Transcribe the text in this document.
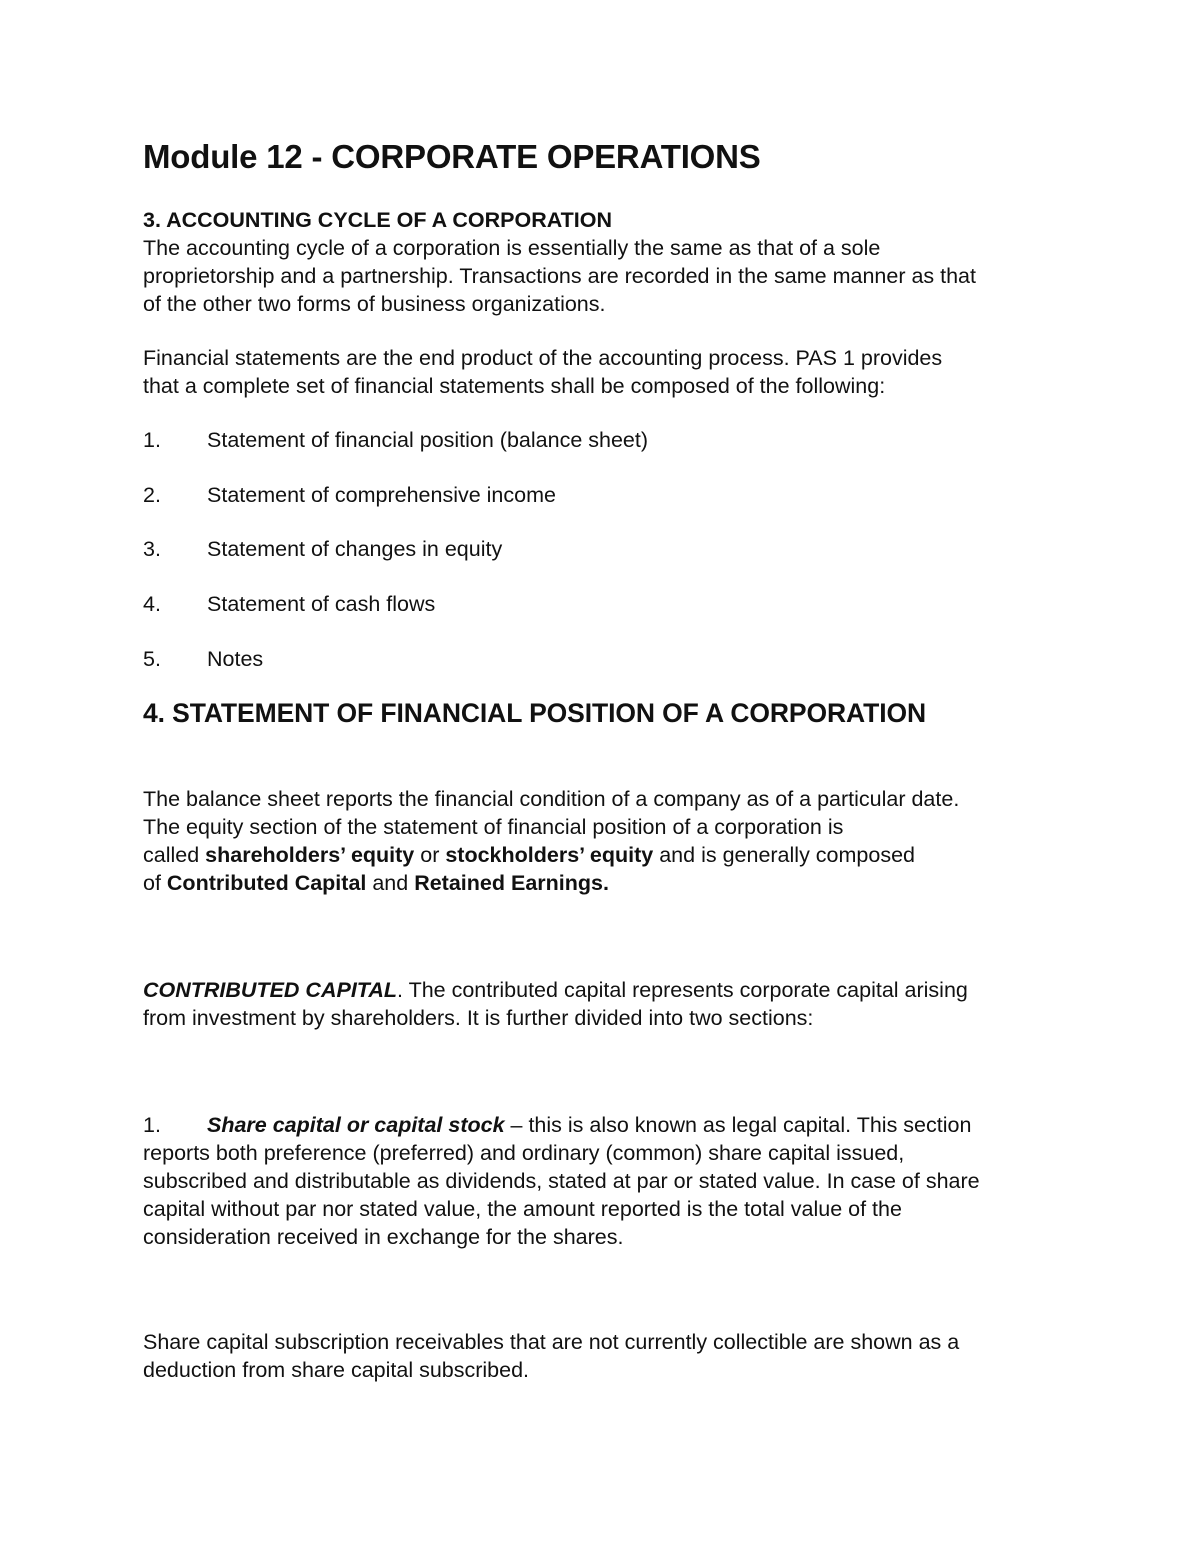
Module 12 - CORPORATE OPERATIONS
3. ACCOUNTING CYCLE OF A CORPORATION
The accounting cycle of a corporation is essentially the same as that of a sole
proprietorship and a partnership. Transactions are recorded in the same manner as that
of the other two forms of business organizations.
Financial statements are the end product of the accounting process. PAS 1 provides
that a complete set of financial statements shall be composed of the following:
1. Statement of financial position (balance sheet)
2. Statement of comprehensive income
3. Statement of changes in equity
4. Statement of cash flows
5. Notes
4. STATEMENT OF FINANCIAL POSITION OF A CORPORATION
The balance sheet reports the financial condition of a company as of a particular date.
The equity section of the statement of financial position of a corporation is
called shareholders’ equity or stockholders’ equity and is generally composed
of Contributed Capital and Retained Earnings.
CONTRIBUTED CAPITAL. The contributed capital represents corporate capital arising
from investment by shareholders. It is further divided into two sections:
1. Share capital or capital stock – this is also known as legal capital. This section
reports both preference (preferred) and ordinary (common) share capital issued,
subscribed and distributable as dividends, stated at par or stated value. In case of share
capital without par nor stated value, the amount reported is the total value of the
consideration received in exchange for the shares.
Share capital subscription receivables that are not currently collectible are shown as a
deduction from share capital subscribed.
